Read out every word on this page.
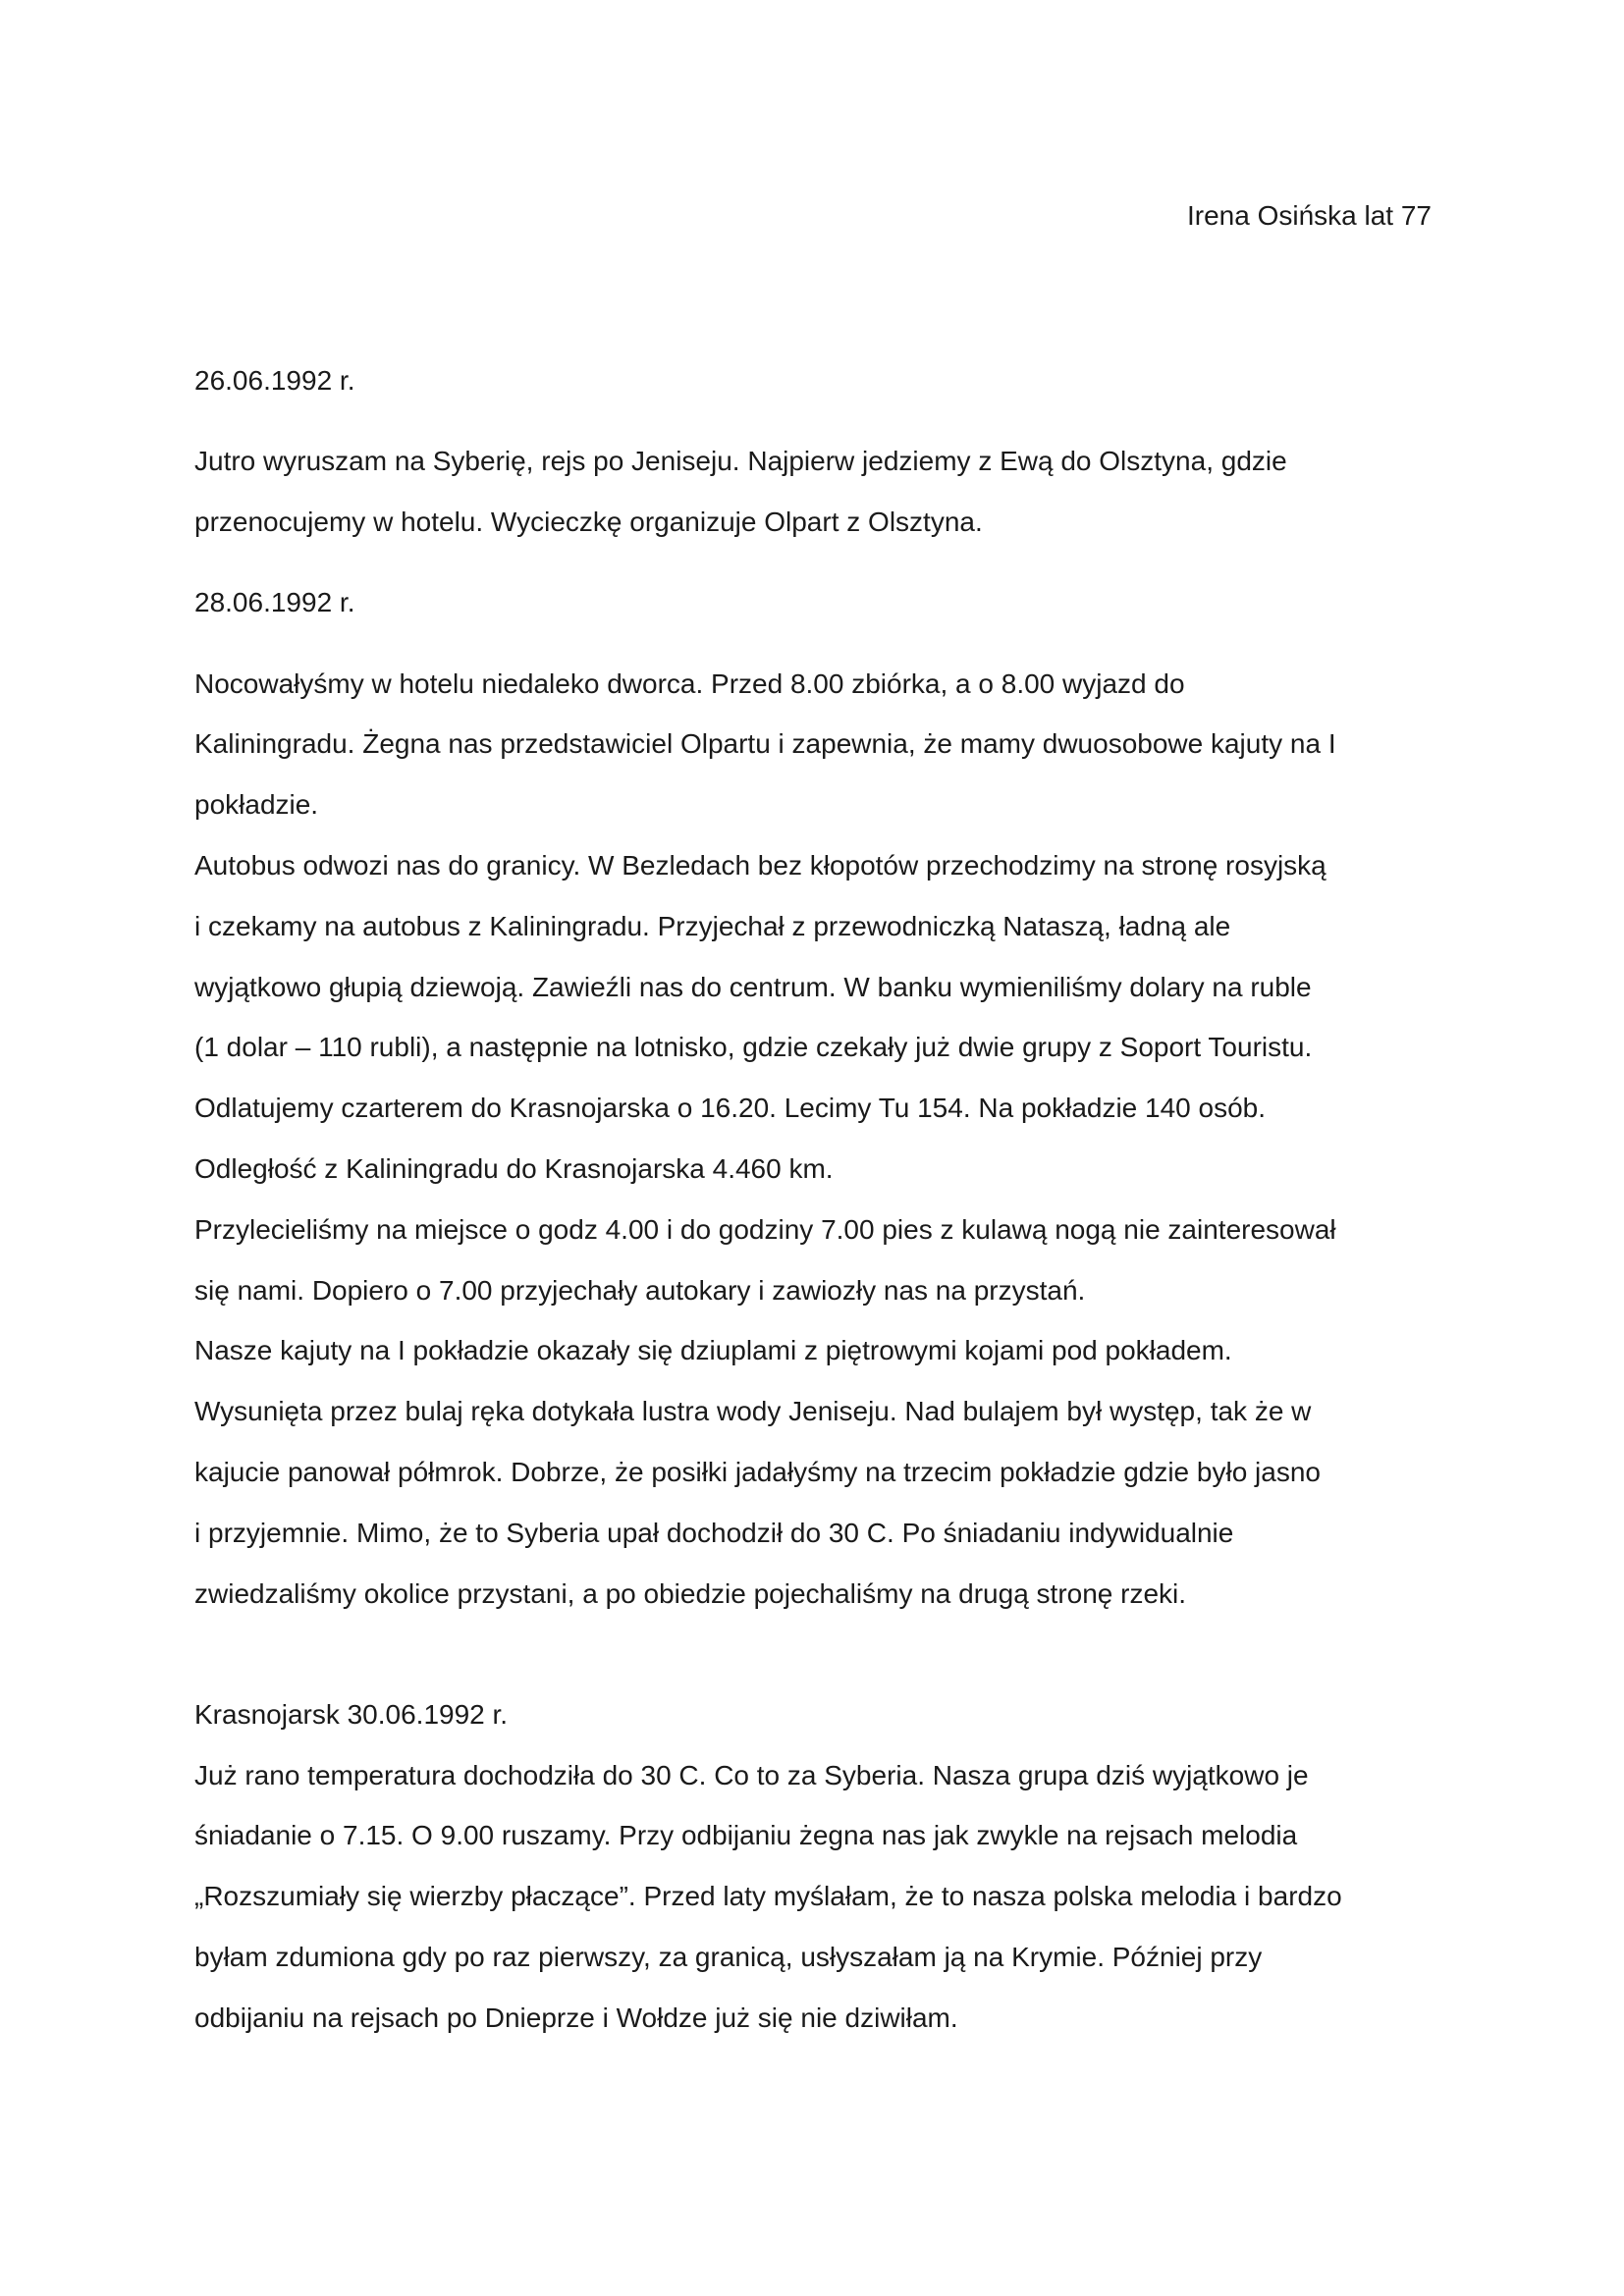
Irena Osińska lat 77
26.06.1992 r.
Jutro wyruszam na Syberię, rejs po Jeniseju. Najpierw jedziemy z Ewą do Olsztyna, gdzie
przenocujemy w hotelu. Wycieczkę organizuje Olpart z Olsztyna.
28.06.1992 r.
Nocowałyśmy w hotelu niedaleko dworca. Przed 8.00 zbiórka, a o 8.00 wyjazd do
Kaliningradu. Żegna nas przedstawiciel Olpartu i zapewnia, że mamy dwuosobowe kajuty na I
pokładzie.
Autobus odwozi nas do granicy. W Bezledach bez kłopotów przechodzimy na stronę rosyjską
i czekamy na autobus z Kaliningradu. Przyjechał z przewodniczką Nataszą, ładną ale
wyjątkowo głupią dziewoją. Zawieźli nas do centrum. W banku wymieniliśmy dolary na ruble
(1 dolar – 110 rubli), a następnie na lotnisko, gdzie czekały już dwie grupy z Soport Touristu.
Odlatujemy czarterem do Krasnojarska o 16.20. Lecimy Tu 154. Na pokładzie 140 osób.
Odległość z Kaliningradu do Krasnojarska 4.460 km.
Przylecieliśmy na miejsce o godz 4.00 i do godziny 7.00 pies z kulawą nogą nie zainteresował
się nami. Dopiero o 7.00 przyjechały autokary i zawiozły nas na przystań.
Nasze kajuty na I pokładzie okazały się dziuplami z piętrowymi kojami pod pokładem.
Wysunięta przez bulaj ręka dotykała lustra wody Jeniseju. Nad bulajem był występ, tak że w
kajucie panował półmrok. Dobrze, że posiłki jadałyśmy na trzecim pokładzie gdzie było jasno
i przyjemnie. Mimo, że to Syberia upał dochodził do 30 C. Po śniadaniu indywidualnie
zwiedzaliśmy okolice przystani, a po obiedzie pojechaliśmy na drugą stronę rzeki.
Krasnojarsk 30.06.1992 r.
Już rano temperatura dochodziła do 30 C. Co to za Syberia. Nasza grupa dziś wyjątkowo je
śniadanie o 7.15. O 9.00 ruszamy. Przy odbijaniu żegna nas jak zwykle na rejsach melodia
„Rozszumiały się wierzby płaczące”. Przed laty myślałam, że to nasza polska melodia i bardzo
byłam zdumiona gdy po raz pierwszy, za granicą, usłyszałam ją na Krymie. Później przy
odbijaniu na rejsach po Dnieprze i Wołdze już się nie dziwiłam.
